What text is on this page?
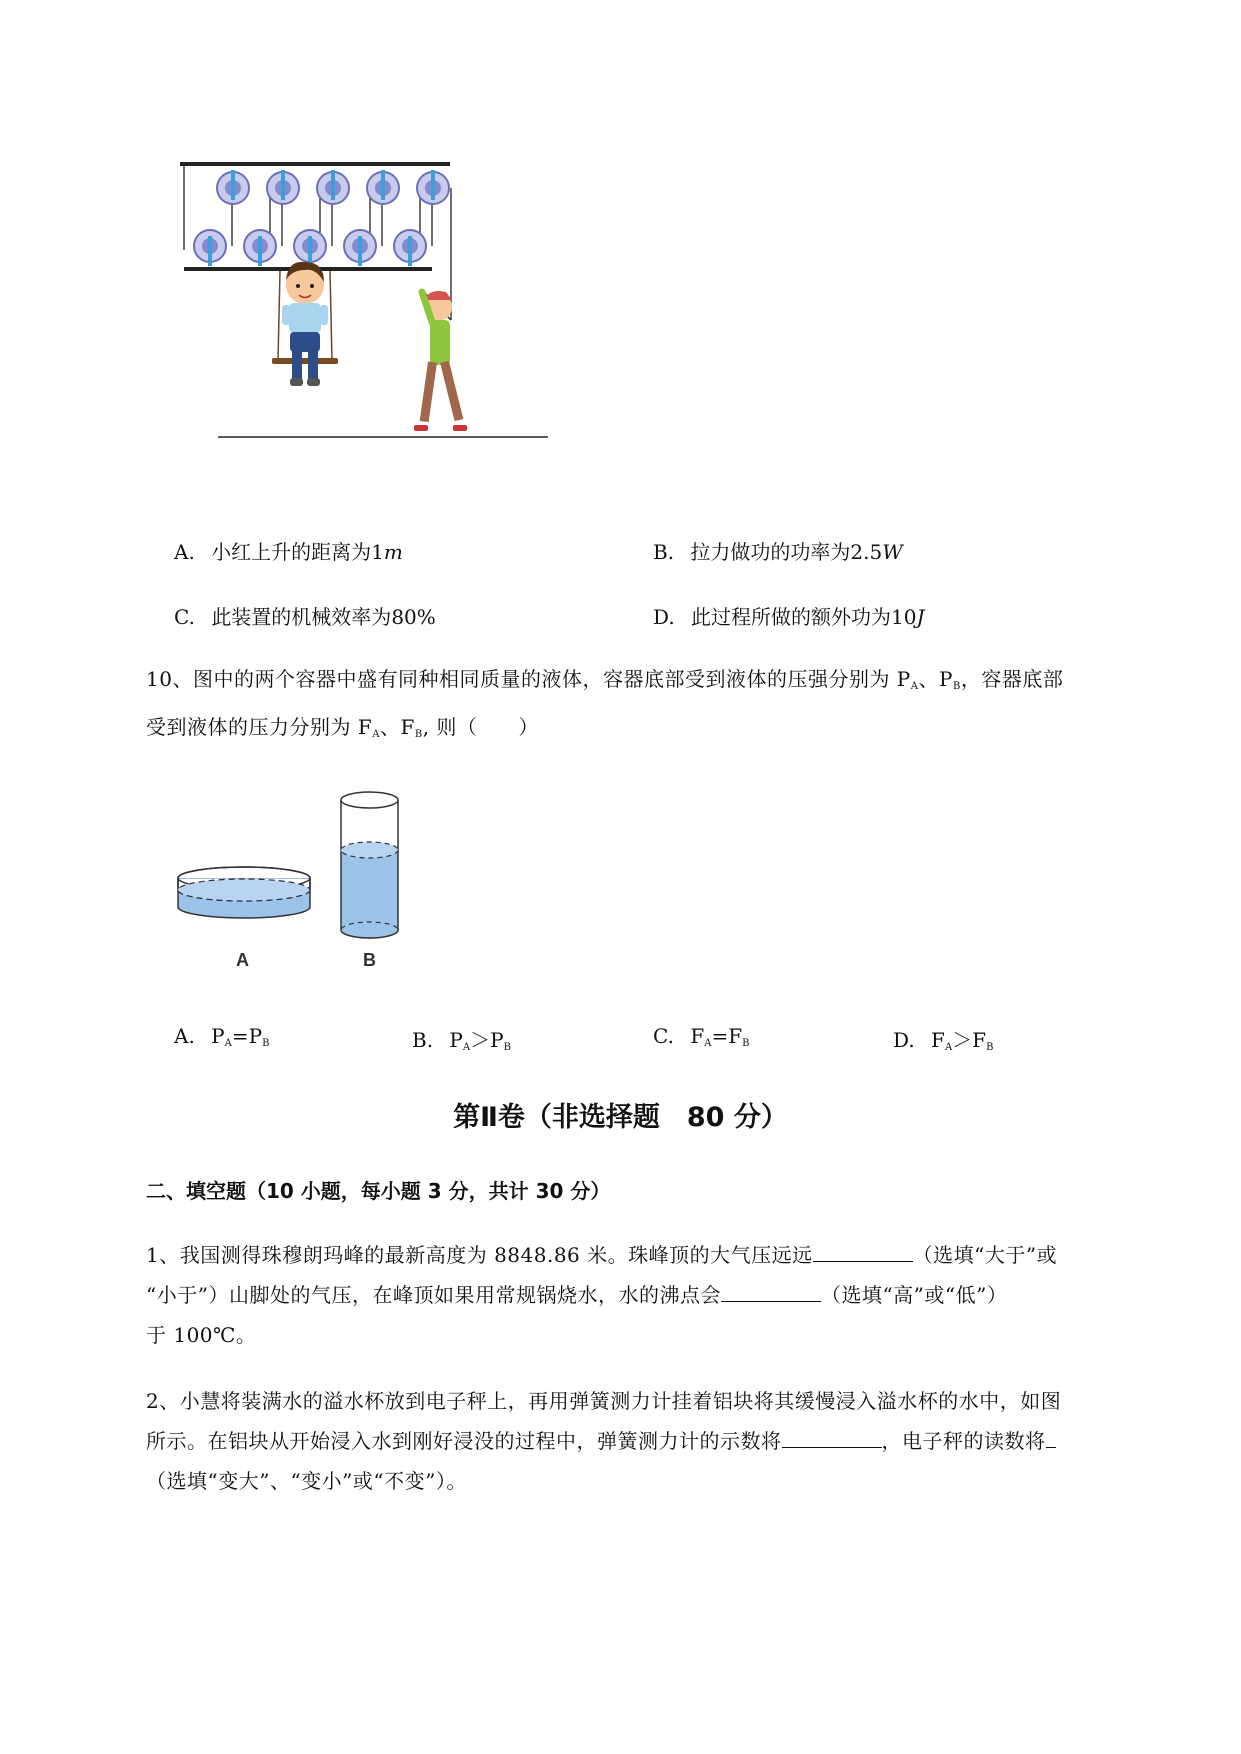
A. 小红上升的距离为1m	B. 拉力做功的功率为2.5W
C. 此装置的机械效率为80%	D. 此过程所做的额外功为10J
10、图中的两个容器中盛有同种相同质量的液体，容器底部受到液体的压强分别为 $P_A$、$P_B$，容器底部
受到液体的压力分别为 $F_A$、$F_B$, 则（　　）
A	B
A. $P_A=P_B$	B. $P_A>P_B$	C. $F_A=F_B$	D. $F_A>F_B$
第Ⅱ卷（非选择题　80 分）
二、填空题（10 小题，每小题 3 分，共计 30 分）
1、我国测得珠穆朗玛峰的最新高度为 8848.86 米。珠峰顶的大气压远远	（选填“大于”或
“小于”）山脚处的气压，在峰顶如果用常规锅烧水，水的沸点会	（选填“高”或“低”）
于 100℃。
2、小慧将装满水的溢水杯放到电子秤上，再用弹簧测力计挂着铝块将其缓慢浸入溢水杯的水中，如图
所示。在铝块从开始浸入水到刚好浸没的过程中，弹簧测力计的示数将	，电子秤的读数将
（选填“变大”、“变小”或“不变”）。
